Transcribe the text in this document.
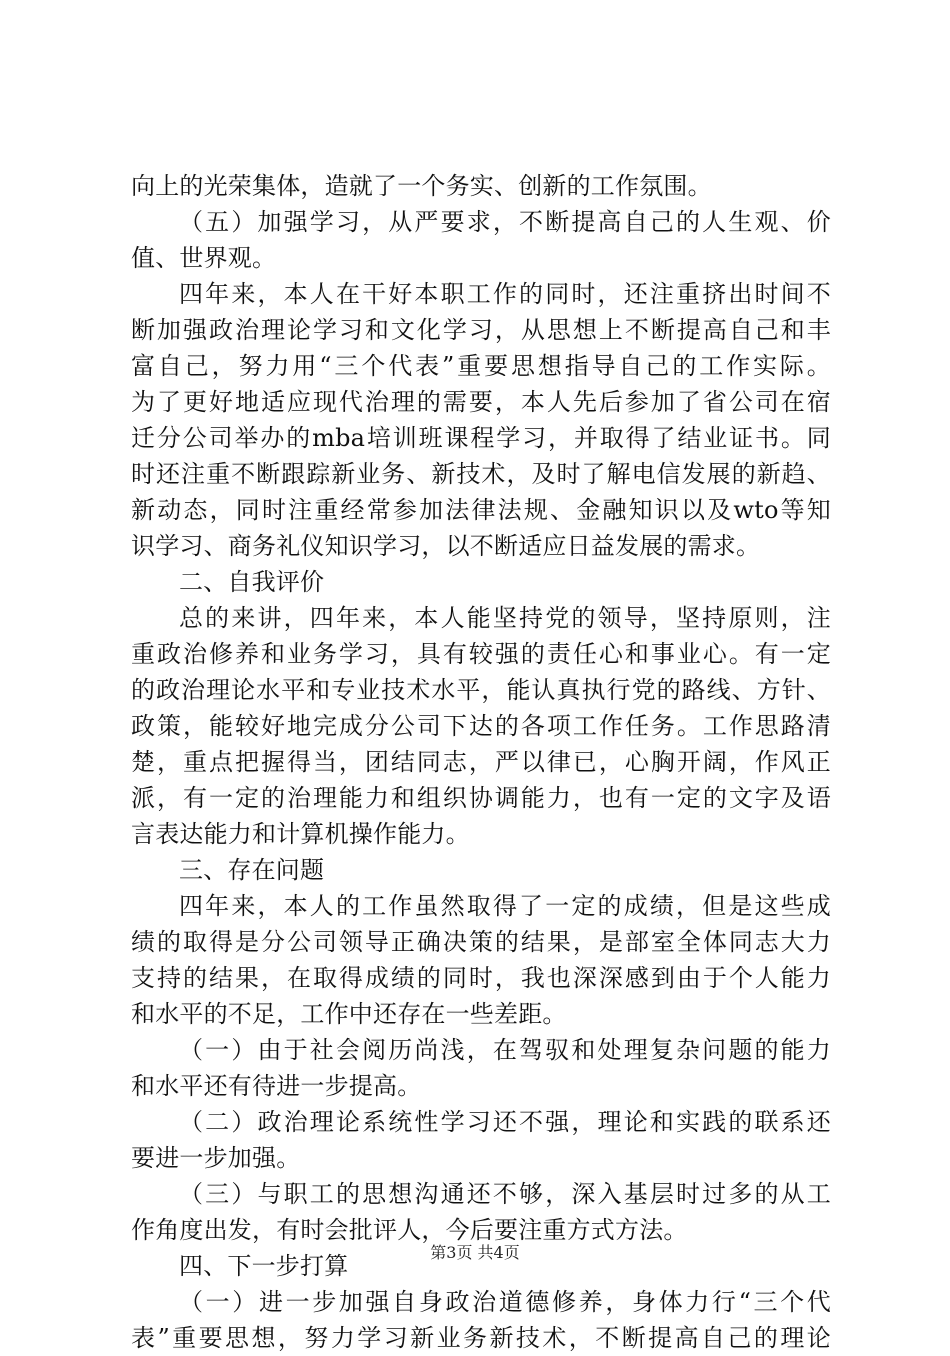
向上的光荣集体，造就了一个务实、创新的工作氛围。
（五）加强学习，从严要求，不断提高自己的人生观、价
值、世界观。
四年来，本人在干好本职工作的同时，还注重挤出时间不
断加强政治理论学习和文化学习，从思想上不断提高自己和丰
富自己，努力用“三个代表”重要思想指导自己的工作实际。
为了更好地适应现代治理的需要，本人先后参加了省公司在宿
迁分公司举办的mba培训班课程学习，并取得了结业证书。同
时还注重不断跟踪新业务、新技术，及时了解电信发展的新趋、
新动态，同时注重经常参加法律法规、金融知识以及wto等知
识学习、商务礼仪知识学习，以不断适应日益发展的需求。
二、自我评价
总的来讲，四年来，本人能坚持党的领导，坚持原则，注
重政治修养和业务学习，具有较强的责任心和事业心。有一定
的政治理论水平和专业技术水平，能认真执行党的路线、方针、
政策，能较好地完成分公司下达的各项工作任务。工作思路清
楚，重点把握得当，团结同志，严以律已，心胸开阔，作风正
派，有一定的治理能力和组织协调能力，也有一定的文字及语
言表达能力和计算机操作能力。
三、存在问题
四年来，本人的工作虽然取得了一定的成绩，但是这些成
绩的取得是分公司领导正确决策的结果，是部室全体同志大力
支持的结果，在取得成绩的同时，我也深深感到由于个人能力
和水平的不足，工作中还存在一些差距。
（一）由于社会阅历尚浅，在驾驭和处理复杂问题的能力
和水平还有待进一步提高。
（二）政治理论系统性学习还不强，理论和实践的联系还
要进一步加强。
（三）与职工的思想沟通还不够，深入基层时过多的从工
作角度出发，有时会批评人，今后要注重方式方法。
四、下一步打算
（一）进一步加强自身政治道德修养，身体力行“三个代
表”重要思想，努力学习新业务新技术，不断提高自己的理论
第3页 共4页
